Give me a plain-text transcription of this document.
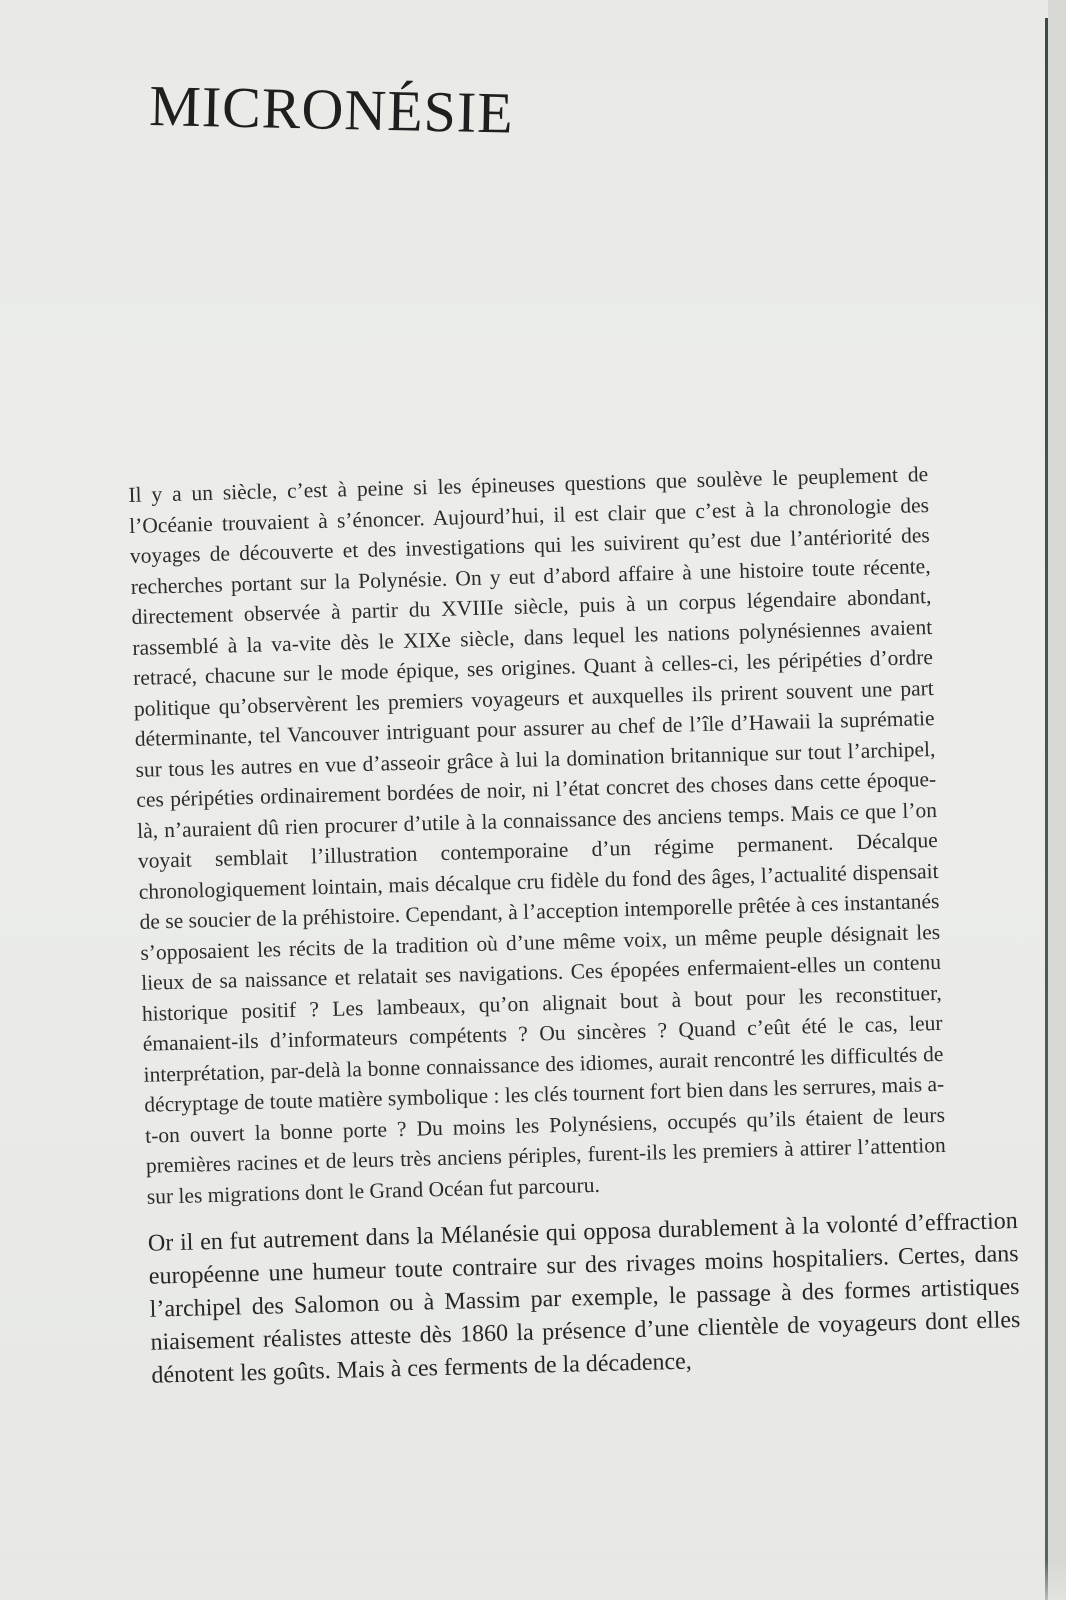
MICRONÉSIE

Il y a un siècle, c’est à peine si les épineuses questions que soulève le peuplement de l’Océanie trouvaient à s’énoncer. Aujourd’hui, il est clair que c’est à la chronologie des voyages de découverte et des investigations qui les suivirent qu’est due l’antériorité des recherches portant sur la Polynésie. On y eut d’abord affaire à une histoire toute récente, directement observée à partir du XVIIIe siècle, puis à un corpus légendaire abondant, rassemblé à la va-vite dès le XIXe siècle, dans lequel les nations polynésiennes avaient retracé, chacune sur le mode épique, ses origines. Quant à celles-ci, les péripéties d’ordre politique qu’observèrent les premiers voyageurs et auxquelles ils prirent souvent une part déterminante, tel Vancouver intriguant pour assurer au chef de l’île d’Hawaii la suprématie sur tous les autres en vue d’asseoir grâce à lui la domination britannique sur tout l’archipel, ces péripéties ordinairement bordées de noir, ni l’état concret des choses dans cette époque-là, n’auraient dû rien procurer d’utile à la connaissance des anciens temps. Mais ce que l’on voyait semblait l’illustration contemporaine d’un régime permanent. Décalque chronologiquement lointain, mais décalque cru fidèle du fond des âges, l’actualité dispensait de se soucier de la préhistoire. Cependant, à l’acception intemporelle prêtée à ces instantanés s’opposaient les récits de la tradition où d’une même voix, un même peuple désignait les lieux de sa naissance et relatait ses navigations. Ces épopées enfermaient-elles un contenu historique positif ? Les lambeaux, qu’on alignait bout à bout pour les reconstituer, émanaient-ils d’informateurs compétents ? Ou sincères ? Quand c’eût été le cas, leur interprétation, par-delà la bonne connaissance des idiomes, aurait rencontré les difficultés de décryptage de toute matière symbolique : les clés tournent fort bien dans les serrures, mais a-t-on ouvert la bonne porte ? Du moins les Polynésiens, occupés qu’ils étaient de leurs premières racines et de leurs très anciens périples, furent-ils les premiers à attirer l’attention sur les migrations dont le Grand Océan fut parcouru.

Or il en fut autrement dans la Mélanésie qui opposa durablement à la volonté d’effraction européenne une humeur toute contraire sur des rivages moins hospitaliers. Certes, dans l’archipel des Salomon ou à Massim par exemple, le passage à des formes artistiques niaisement réalistes atteste dès 1860 la présence d’une clientèle de voyageurs dont elles dénotent les goûts. Mais à ces ferments de la décadence,
